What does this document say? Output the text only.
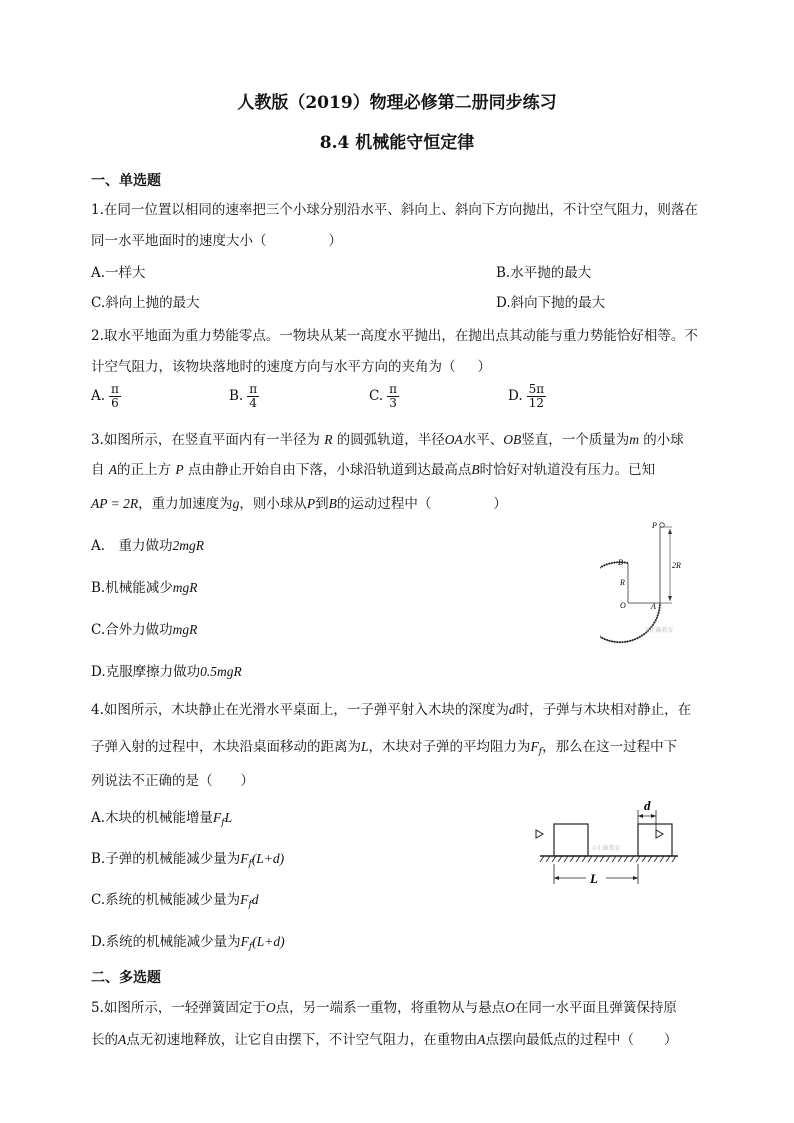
人教版（2019）物理必修第二册同步练习
8.4 机械能守恒定律
一、单选题
1.在同一位置以相同的速率把三个小球分别沿水平、斜向上、斜向下方向抛出，不计空气阻力，则落在
同一水平地面时的速度大小（	）
A.一样大	B.水平抛的最大
C.斜向上抛的最大	D.斜向下抛的最大
2.取水平地面为重力势能零点。一物块从某一高度水平抛出，在抛出点其动能与重力势能恰好相等。不
计空气阻力，该物块落地时的速度方向与水平方向的夹角为（ ）
A. $\frac{\pi}{6}$	B. $\frac{\pi}{4}$	C. $\frac{\pi}{3}$	D. $\frac{5\pi}{12}$
3.如图所示，在竖直平面内有一半径为 R 的圆弧轨道，半径OA水平、OB竖直，一个质量为m 的小球
自 A的正上方 P 点由静止开始自由下落，小球沿轨道到达最高点B时恰好对轨道没有压力。已知
AP = 2R，重力加速度为g，则小球从P到B的运动过程中（	）
A.　重力做功2mgR
B.机械能减少mgR
C.合外力做功mgR
D.克服摩擦力做功0.5mgR
P
B
R
O	A
2R
©正确教育
4.如图所示，木块静止在光滑水平桌面上，一子弹平射入木块的深度为d时，子弹与木块相对静止，在
子弹入射的过程中，木块沿桌面移动的距离为L，木块对子弹的平均阻力为$F_f$，那么在这一过程中下
列说法不正确的是（ ）
A.木块的机械能增量$F_fL$
B.子弹的机械能减少量为$F_f(L+d)$
C.系统的机械能减少量为$F_fd$
D.系统的机械能减少量为$F_f(L+d)$
d
L
©正确教育
二、多选题
5.如图所示，一轻弹簧固定于O点，另一端系一重物，将重物从与悬点O在同一水平面且弹簧保持原
长的A点无初速地释放，让它自由摆下，不计空气阻力，在重物由A点摆向最低点的过程中（ ）
